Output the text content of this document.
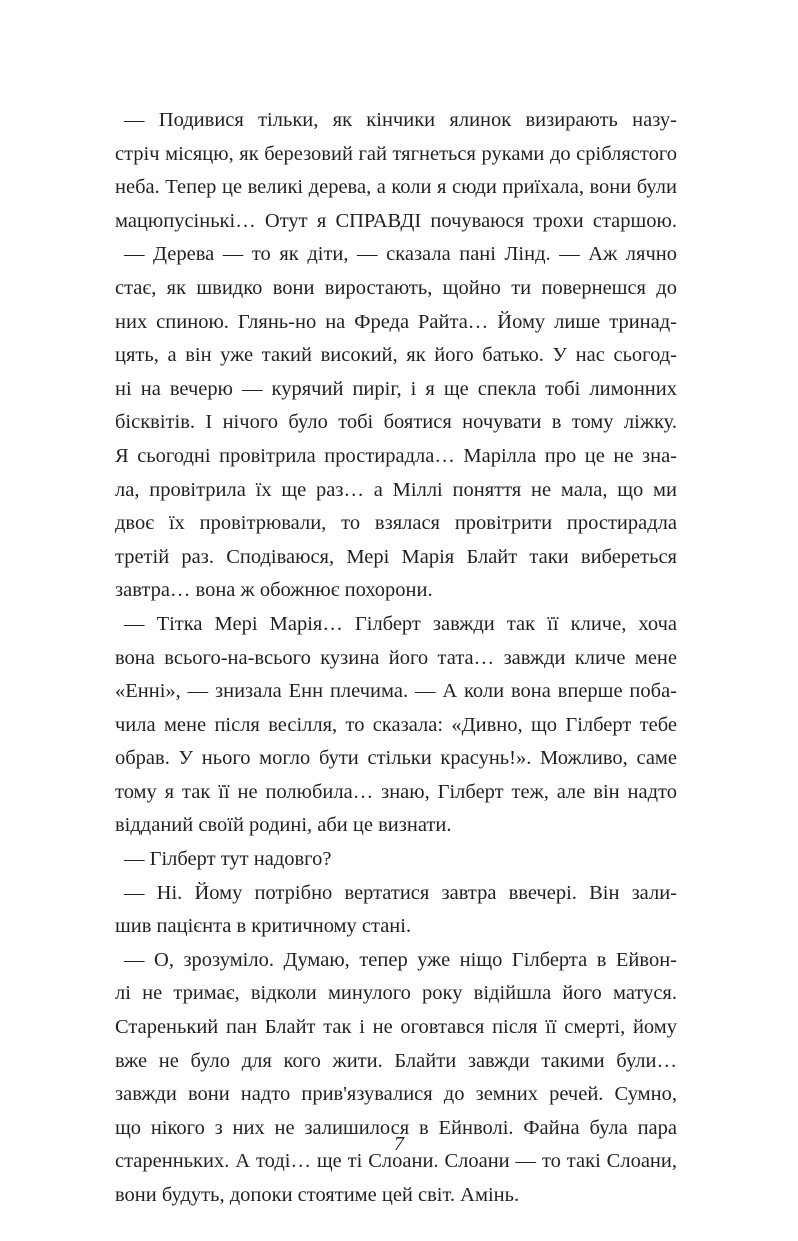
— Подивися тільки, як кінчики ялинок визирають назу-
стріч місяцю, як березовий гай тягнеться руками до сріблястого
неба. Тепер це великі дерева, а коли я сюди приїхала, вони були
мацюпусінькі… Отут я СПРАВДІ почуваюся трохи старшою.
— Дерева — то як діти, — сказала пані Лінд. — Аж лячно
стає, як швидко вони виростають, щойно ти повернешся до
них спиною. Глянь-но на Фреда Райта… Йому лише тринад-
цять, а він уже такий високий, як його батько. У нас сьогод-
ні на вечерю — курячий пиріг, і я ще спекла тобі лимонних
бісквітів. І нічого було тобі боятися ночувати в тому ліжку.
Я сьогодні провітрила простирадла… Марілла про це не зна-
ла, провітрила їх ще раз… а Міллі поняття не мала, що ми
двоє їх провітрювали, то взялася провітрити простирадла
третій раз. Сподіваюся, Мері Марія Блайт таки вибереться
завтра… вона ж обожнює похорони.
— Тітка Мері Марія… Гілберт завжди так її кличе, хоча
вона всього-на-всього кузина його тата… завжди кличе мене
«Енні», — знизала Енн плечима. — А коли вона вперше поба-
чила мене після весілля, то сказала: «Дивно, що Гілберт тебе
обрав. У нього могло бути стільки красунь!». Можливо, саме
тому я так її не полюбила… знаю, Гілберт теж, але він надто
відданий своїй родині, аби це визнати.
— Гілберт тут надовго?
— Ні. Йому потрібно вертатися завтра ввечері. Він зали-
шив пацієнта в критичному стані.
— О, зрозуміло. Думаю, тепер уже ніщо Гілберта в Ейвон-
лі не тримає, відколи минулого року відійшла його матуся.
Старенький пан Блайт так і не оговтався після її смерті, йому
вже не було для кого жити. Блайти завжди такими були…
завжди вони надто прив'язувалися до земних речей. Сумно,
що нікого з них не залишилося в Ейнволі. Файна була пара
старенньких. А тоді… ще ті Слоани. Слоани — то такі Слоани,
вони будуть, допоки стоятиме цей світ. Амінь.
7
